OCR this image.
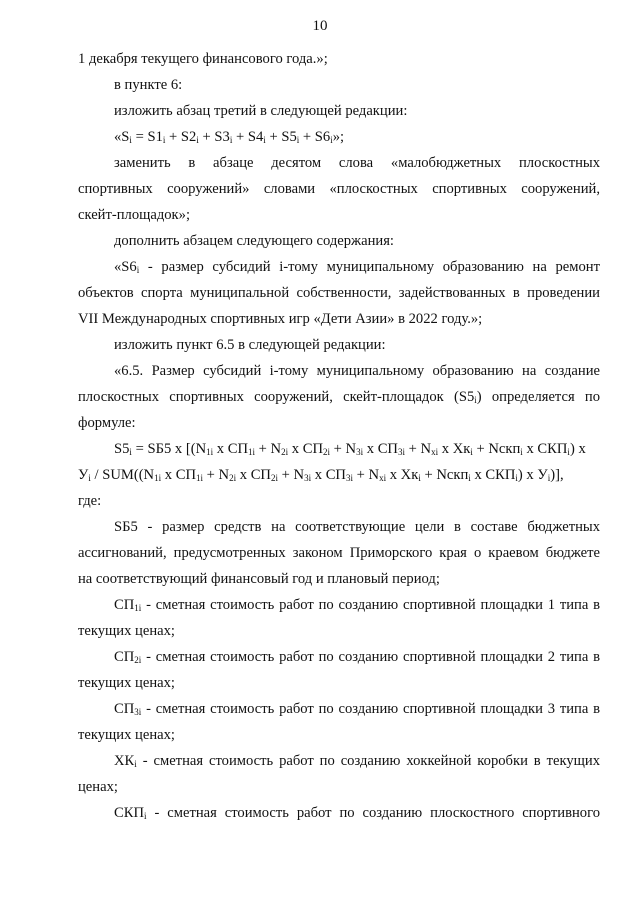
10
1 декабря текущего финансового года.»;
в пункте 6:
изложить абзац третий в следующей редакции:
«$S_i = S1_i + S2_i + S3_i + S4_i + S5_i + S6_i$»;
заменить в абзаце десятом слова «малобюджетных плоскостных
спортивных сооружений» словами «плоскостных спортивных сооружений,
скейт-площадок»;
дополнить абзацем следующего содержания:
«$S6_i$ - размер субсидий i-тому муниципальному образованию на ремонт
объектов спорта муниципальной собственности, задействованных в проведении
VII Международных спортивных игр «Дети Азии» в 2022 году.»;
изложить пункт 6.5 в следующей редакции:
«6.5. Размер субсидий i-тому муниципальному образованию на создание
плоскостных спортивных сооружений, скейт-площадок $(S5_i)$ определяется по
формуле:
$S5_i = SБ5$ x [($N_{1i}$ x $СП_{1i} + N_{2i}$ x $СП_{2i} + N_{3i}$ x $СП_{3i} + N_{xi}$ x $Хк_i$ + Nскп$_i$ x $СКП_i$) x
$У_i / SUM((N_{1i}$ x $СП_{1i} + N_{2i}$ x $СП_{2i} + N_{3i}$ x $СП_{3i} + N_{xi}$ x $Хк_i$ + Nскп$_i$ x $СКП_i$) x $У_i$)],
где:
SБ5 - размер средств на соответствующие цели в составе бюджетных
ассигнований, предусмотренных законом Приморского края о краевом бюджете
на соответствующий финансовый год и плановый период;
$СП_{1i}$ - сметная стоимость работ по созданию спортивной площадки 1 типа в
текущих ценах;
$СП_{2i}$ - сметная стоимость работ по созданию спортивной площадки 2 типа в
текущих ценах;
$СП_{3i}$ - сметная стоимость работ по созданию спортивной площадки 3 типа в
текущих ценах;
$ХК_i$ - сметная стоимость работ по созданию хоккейной коробки в текущих
ценах;
$СКП_i$ - сметная стоимость работ по созданию плоскостного спортивного
